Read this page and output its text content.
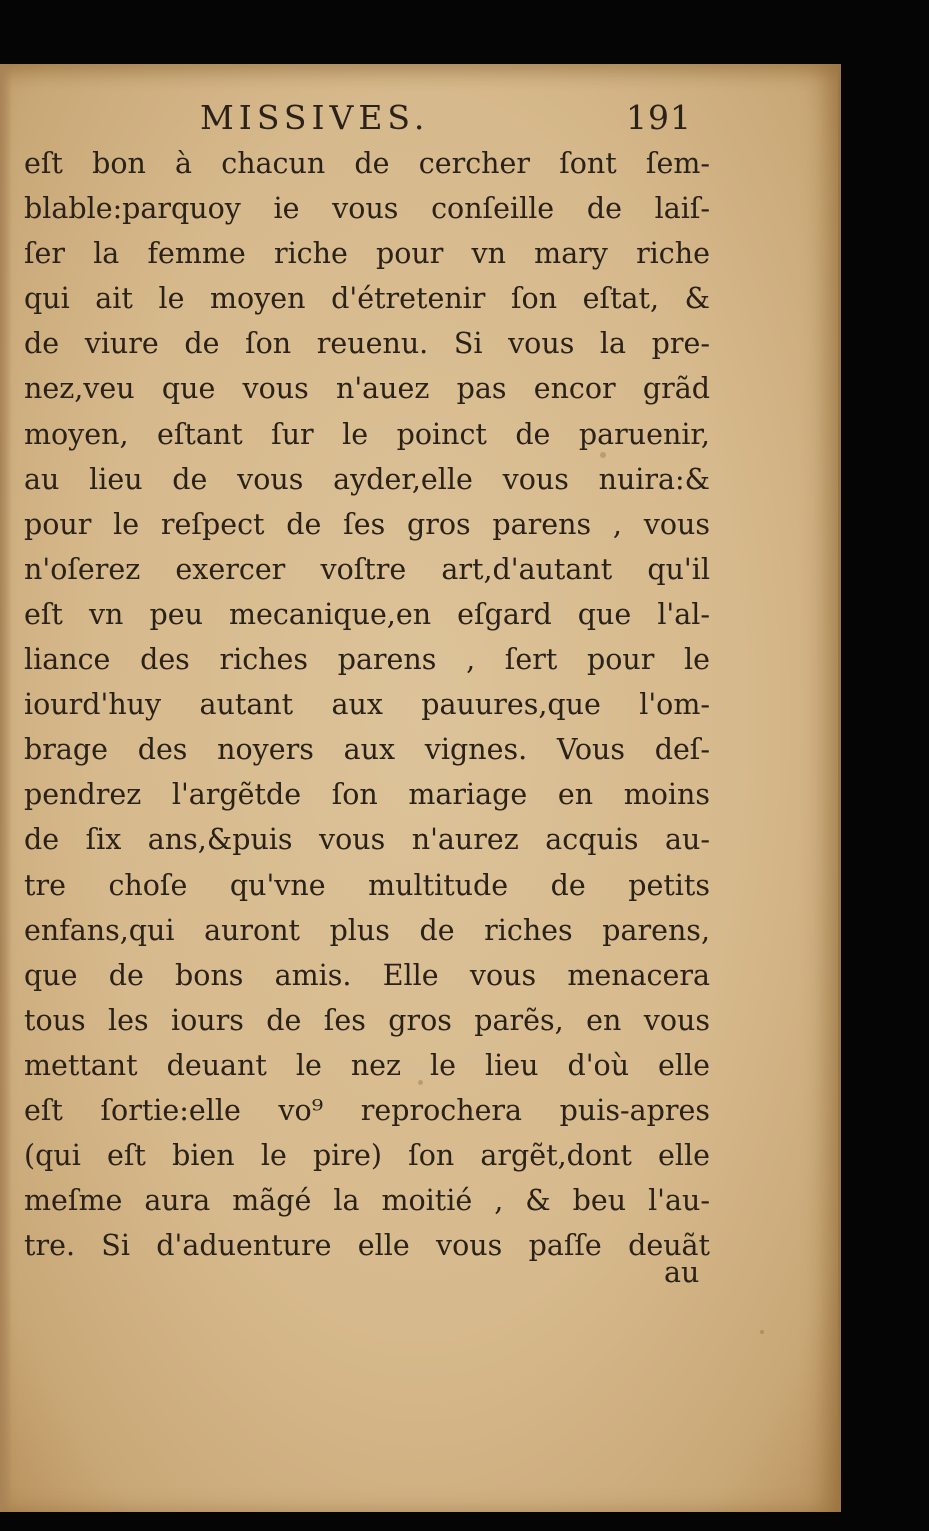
MISSIVES.	191
eſt bon à chacun de cercher ſont ſem-
blable:parquoy ie vous conſeille de laiſ-
ſer la femme riche pour vn mary riche
qui ait le moyen d'étretenir ſon eſtat, &
de viure de ſon reuenu. Si vous la pre-
nez,veu que vous n'auez pas encor grãd
moyen, eſtant ſur le poinct de paruenir,
au lieu de vous ayder,elle vous nuira:&
pour le reſpect de ſes gros parens , vous
n'oſerez exercer voſtre art,d'autant qu'il
eſt vn peu mecanique,en eſgard que l'al-
liance des riches parens , ſert pour le
iourd'huy autant aux pauures,que l'om-
brage des noyers aux vignes. Vous deſ-
pendrez l'argẽtde ſon mariage en moins
de ſix ans,&puis vous n'aurez acquis au-
tre choſe qu'vne multitude de petits
enfans,qui auront plus de riches parens,
que de bons amis. Elle vous menacera
tous les iours de ſes gros parẽs, en vous
mettant deuant le nez le lieu d'où elle
eſt ſortie:elle vo⁹ reprochera puis-apres
(qui eſt bien le pire) ſon argẽt,dont elle
meſme aura mãgé la moitié , & beu l'au-
tre. Si d'aduenture elle vous paſſe deuãt
au
